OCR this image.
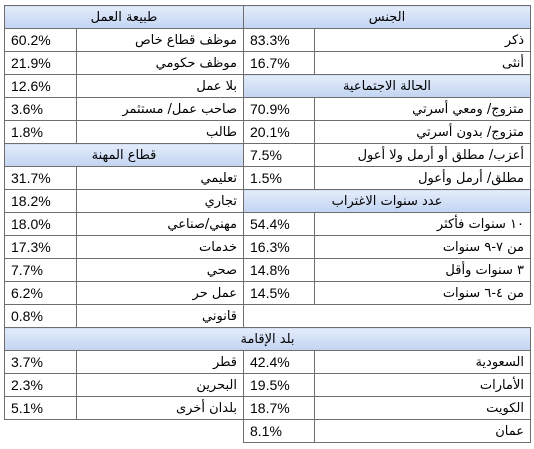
طبيعة العمل		الجنس	
60.2%	موظف قطاع خاص	83.3%	ذكر
21.9%	موظف حكومي	16.7%	أنثى
12.6%	بلا عمل	الحالة الاجتماعية	
3.6%	صاحب عمل/ مستثمر	70.9%	متزوج/ ومعي أسرتي
1.8%	طالب	20.1%	متزوج/ بدون أسرتي
قطاع المهنة		7.5%	أعزب/ مطلق أو أرمل ولا أعول
31.7%	تعليمي	1.5%	مطلق/ أرمل وأعول
18.2%	تجاري	عدد سنوات الاغتراب	
18.0%	مهني/صناعي	54.4%	١٠ سنوات فأكثر
17.3%	خدمات	16.3%	من ٧-٩ سنوات
7.7%	صحي	14.8%	٣ سنوات وأقل
6.2%	عمل حر	14.5%	من ٤-٦ سنوات
0.8%	قانوني		
بلد الإقامة			
3.7%	قطر	42.4%	السعودية
2.3%	البحرين	19.5%	الأمارات
5.1%	بلدان أخرى	18.7%	الكويت
		8.1%	عمان
